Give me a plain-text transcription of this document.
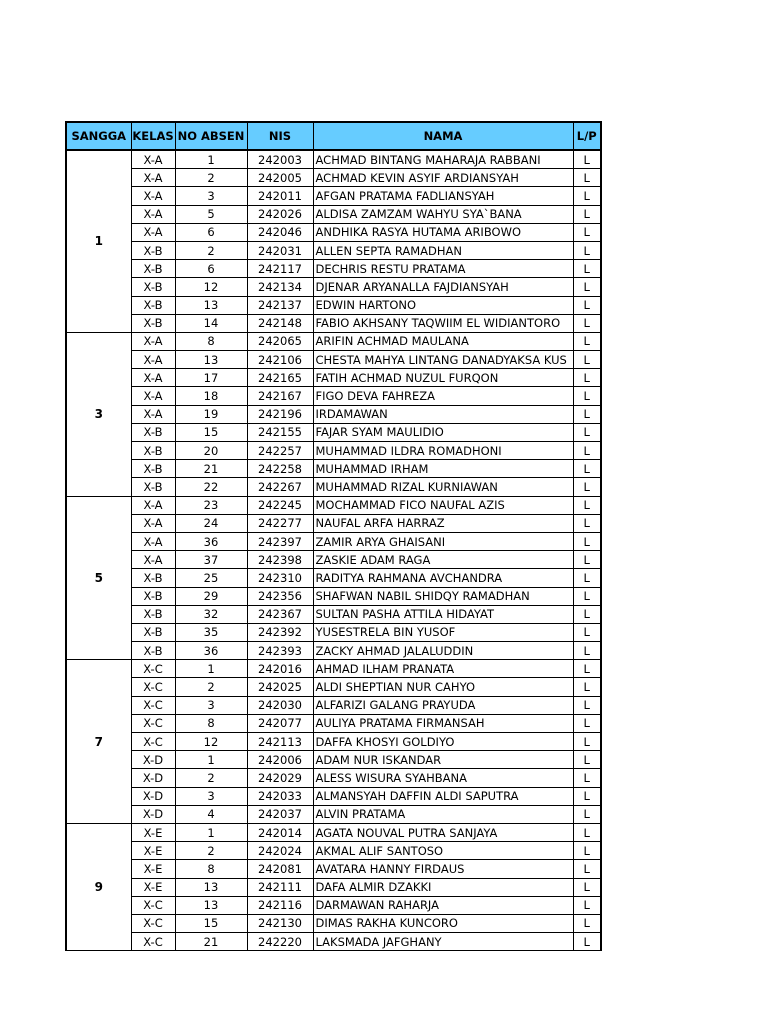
SANGGA	KELAS	NO ABSEN	NIS	NAMA	L/P
1	X-A	1	242003	ACHMAD BINTANG MAHARAJA RABBANI	L
	X-A	2	242005	ACHMAD KEVIN ASYIF ARDIANSYAH	L
	X-A	3	242011	AFGAN PRATAMA FADLIANSYAH	L
	X-A	5	242026	ALDISA ZAMZAM WAHYU SYA`BANA	L
	X-A	6	242046	ANDHIKA RASYA HUTAMA ARIBOWO	L
	X-B	2	242031	ALLEN SEPTA RAMADHAN	L
	X-B	6	242117	DECHRIS RESTU PRATAMA	L
	X-B	12	242134	DJENAR ARYANALLA FAJDIANSYAH	L
	X-B	13	242137	EDWIN HARTONO	L
	X-B	14	242148	FABIO AKHSANY TAQWIIM EL WIDIANTORO	L
3	X-A	8	242065	ARIFIN ACHMAD MAULANA	L
	X-A	13	242106	CHESTA MAHYA LINTANG DANADYAKSA KUS	L
	X-A	17	242165	FATIH ACHMAD NUZUL FURQON	L
	X-A	18	242167	FIGO DEVA FAHREZA	L
	X-A	19	242196	IRDAMAWAN	L
	X-B	15	242155	FAJAR SYAM MAULIDIO	L
	X-B	20	242257	MUHAMMAD ILDRA ROMADHONI	L
	X-B	21	242258	MUHAMMAD IRHAM	L
	X-B	22	242267	MUHAMMAD RIZAL KURNIAWAN	L
5	X-A	23	242245	MOCHAMMAD FICO NAUFAL AZIS	L
	X-A	24	242277	NAUFAL ARFA HARRAZ	L
	X-A	36	242397	ZAMIR ARYA GHAISANI	L
	X-A	37	242398	ZASKIE ADAM RAGA	L
	X-B	25	242310	RADITYA RAHMANA AVCHANDRA	L
	X-B	29	242356	SHAFWAN NABIL SHIDQY RAMADHAN	L
	X-B	32	242367	SULTAN PASHA ATTILA HIDAYAT	L
	X-B	35	242392	YUSESTRELA BIN YUSOF	L
	X-B	36	242393	ZACKY AHMAD JALALUDDIN	L
7	X-C	1	242016	AHMAD ILHAM PRANATA	L
	X-C	2	242025	ALDI SHEPTIAN NUR CAHYO	L
	X-C	3	242030	ALFARIZI GALANG PRAYUDA	L
	X-C	8	242077	AULIYA PRATAMA FIRMANSAH	L
	X-C	12	242113	DAFFA KHOSYI GOLDIYO	L
	X-D	1	242006	ADAM NUR ISKANDAR	L
	X-D	2	242029	ALESS WISURA SYAHBANA	L
	X-D	3	242033	ALMANSYAH DAFFIN ALDI SAPUTRA	L
	X-D	4	242037	ALVIN PRATAMA	L
9	X-E	1	242014	AGATA NOUVAL PUTRA SANJAYA	L
	X-E	2	242024	AKMAL ALIF SANTOSO	L
	X-E	8	242081	AVATARA HANNY FIRDAUS	L
	X-E	13	242111	DAFA ALMIR DZAKKI	L
	X-C	13	242116	DARMAWAN RAHARJA	L
	X-C	15	242130	DIMAS RAKHA KUNCORO	L
	X-C	21	242220	LAKSMADA JAFGHANY	L
